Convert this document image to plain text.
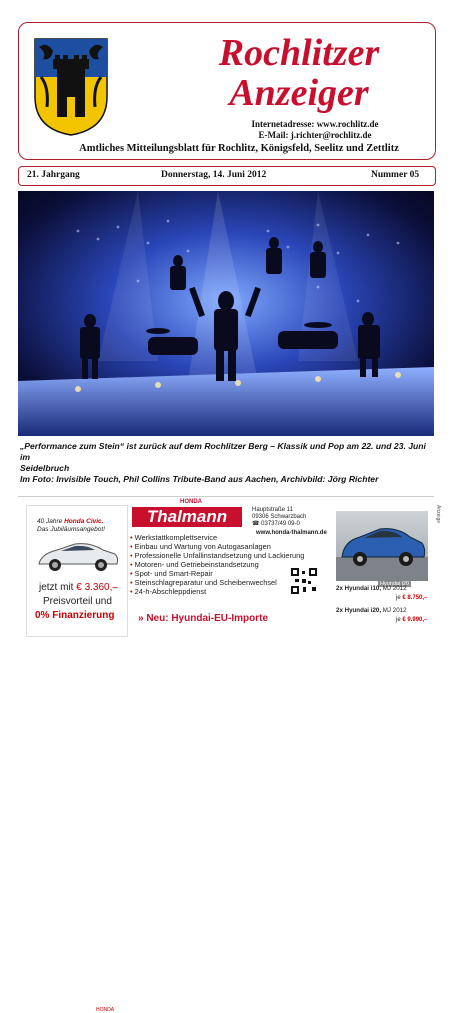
Rochlitzer
Anzeiger
Internetadresse: www.rochlitz.de
E-Mail: j.richter@rochlitz.de
Amtliches Mitteilungsblatt für Rochlitz, Königsfeld, Seelitz und Zettlitz
21. Jahrgang	Donnerstag, 14. Juni 2012	Nummer 05
„Performance zum Stein“ ist zurück auf dem Rochlitzer Berg – Klassik und Pop am 22. und 23. Juni im
Seidelbruch
Im Foto: Invisible Touch, Phil Collins Tribute-Band aus Aachen, Archivbild: Jörg Richter
Anzeige
40 Jahre Honda Civic.
Das Jubiläumsangebot!
jetzt mit € 3.360,–
Preisvorteil und
0% Finanzierung
HONDA
HONDA
Thalmann	Hauptstraße 11
09306 Schwarzbach
☎ 03737/49 09-0
www.honda-thalmann.de
• Werkstattkomplettservice
• Einbau und Wartung von Autogasanlagen
• Professionelle Unfallinstandsetzung und Lackierung
• Motoren- und Getriebeinstandsetzung
• Spot- und Smart-Repair
• Steinschlagreparatur und Scheibenwechsel
• 24-h-Abschleppdienst
» Neu: Hyundai-EU-Importe
Hyundai i20
2x Hyundai i10, MJ 2012
je € 8.750,–
2x Hyundai i20, MJ 2012
je € 9.990,–
